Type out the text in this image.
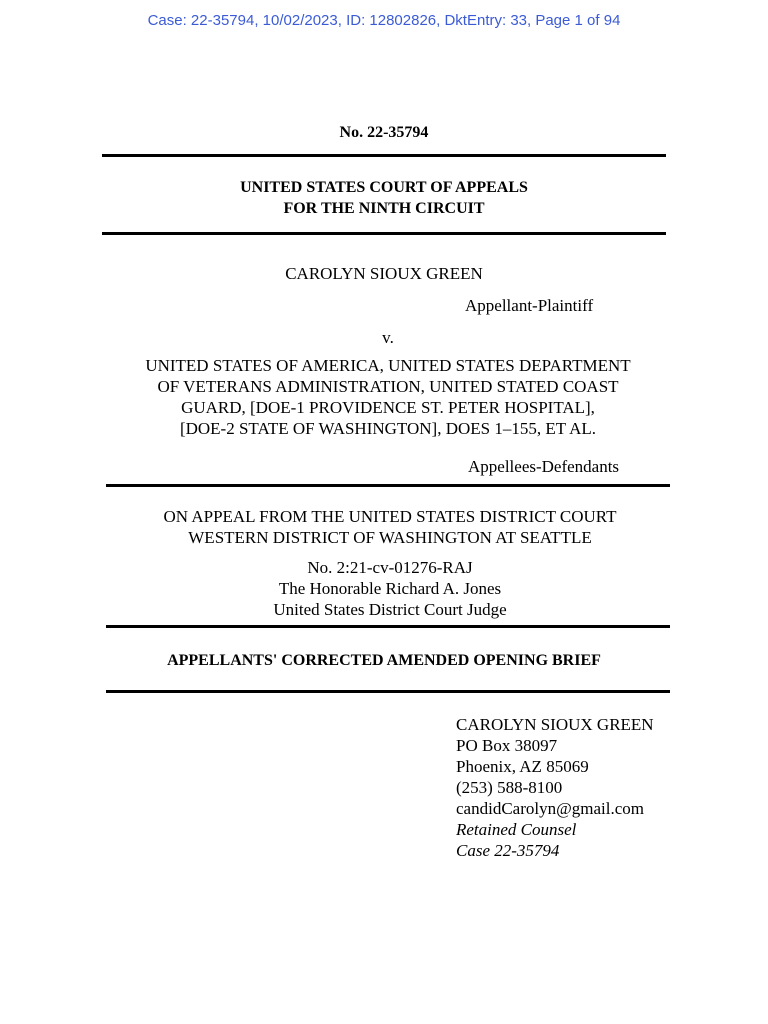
Case: 22-35794, 10/02/2023, ID: 12802826, DktEntry: 33, Page 1 of 94
No. 22-35794
UNITED STATES COURT OF APPEALS
FOR THE NINTH CIRCUIT
CAROLYN SIOUX GREEN
Appellant-Plaintiff
v.
UNITED STATES OF AMERICA, UNITED STATES DEPARTMENT
OF VETERANS ADMINISTRATION, UNITED STATED COAST
GUARD, [DOE-1 PROVIDENCE ST. PETER HOSPITAL],
[DOE-2 STATE OF WASHINGTON], DOES 1–155, ET AL.
Appellees-Defendants
ON APPEAL FROM THE UNITED STATES DISTRICT COURT
WESTERN DISTRICT OF WASHINGTON AT SEATTLE
No. 2:21-cv-01276-RAJ
The Honorable Richard A. Jones
United States District Court Judge
APPELLANTS' CORRECTED AMENDED OPENING BRIEF
CAROLYN SIOUX GREEN
PO Box 38097
Phoenix, AZ 85069
(253) 588-8100
candidCarolyn@gmail.com
Retained Counsel
Case 22-35794
